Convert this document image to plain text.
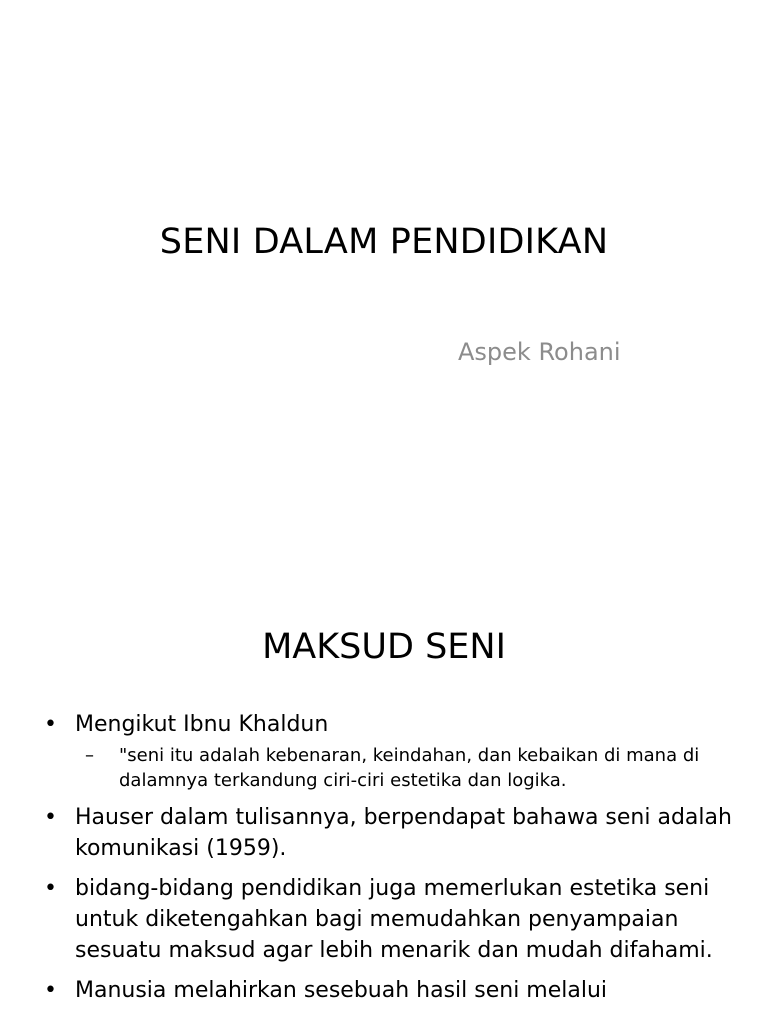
SENI DALAM PENDIDIKAN
Aspek Rohani
MAKSUD SENI
• Mengikut Ibnu Khaldun
– "seni itu adalah kebenaran, keindahan, dan kebaikan di mana di dalamnya terkandung ciri-ciri estetika dan logika.
• Hauser dalam tulisannya, berpendapat bahawa seni adalah komunikasi (1959).
• bidang-bidang pendidikan juga memerlukan estetika seni untuk diketengahkan bagi memudahkan penyampaian sesuatu maksud agar lebih menarik dan mudah difahami.
• Manusia melahirkan sesebuah hasil seni melalui
